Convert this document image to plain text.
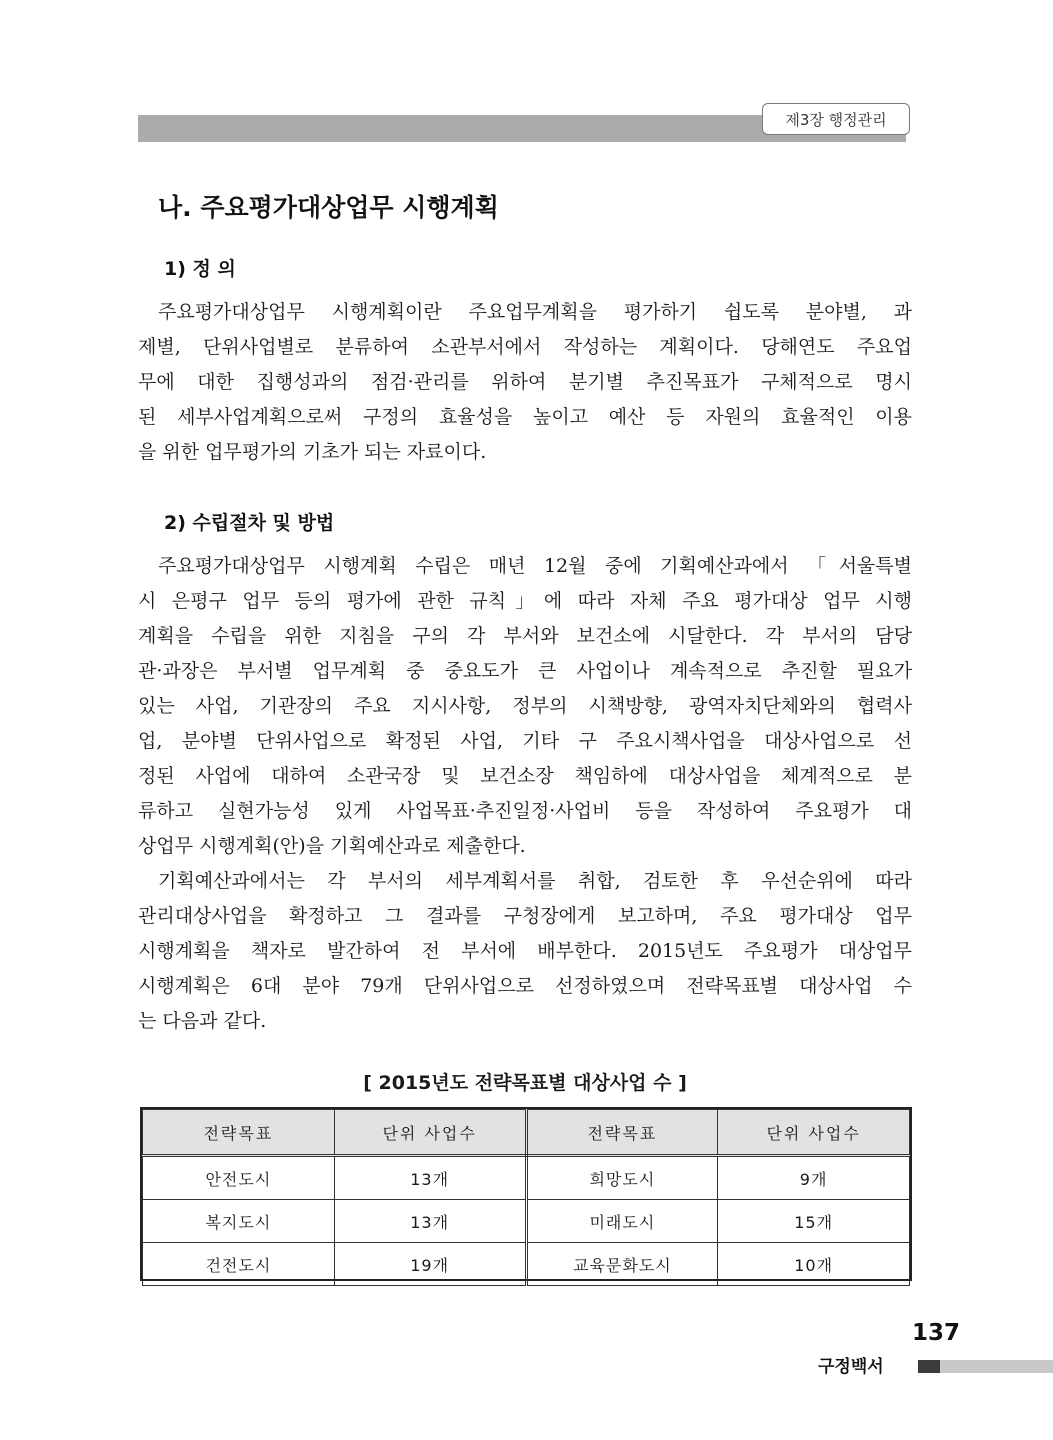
제3장 행정관리
나. 주요평가대상업무 시행계획
1) 정 의
주요평가대상업무 시행계획이란 주요업무계획을 평가하기 쉽도록 분야별, 과
제별, 단위사업별로 분류하여 소관부서에서 작성하는 계획이다. 당해연도 주요업
무에 대한 집행성과의 점검·관리를 위하여 분기별 추진목표가 구체적으로 명시
된 세부사업계획으로써 구정의 효율성을 높이고 예산 등 자원의 효율적인 이용
을 위한 업무평가의 기초가 되는 자료이다.
2) 수립절차 및 방법
주요평가대상업무 시행계획 수립은 매년 12월 중에 기획예산과에서 「서울특별
시 은평구 업무 등의 평가에 관한 규칙」에 따라 자체 주요 평가대상 업무 시행
계획을 수립을 위한 지침을 구의 각 부서와 보건소에 시달한다. 각 부서의 담당
관·과장은 부서별 업무계획 중 중요도가 큰 사업이나 계속적으로 추진할 필요가
있는 사업, 기관장의 주요 지시사항, 정부의 시책방향, 광역자치단체와의 협력사
업, 분야별 단위사업으로 확정된 사업, 기타 구 주요시책사업을 대상사업으로 선
정된 사업에 대하여 소관국장 및 보건소장 책임하에 대상사업을 체계적으로 분
류하고 실현가능성 있게 사업목표·추진일정·사업비 등을 작성하여 주요평가 대
상업무 시행계획(안)을 기획예산과로 제출한다.
기획예산과에서는 각 부서의 세부계획서를 취합, 검토한 후 우선순위에 따라
관리대상사업을 확정하고 그 결과를 구청장에게 보고하며, 주요 평가대상 업무
시행계획을 책자로 발간하여 전 부서에 배부한다. 2015년도 주요평가 대상업무
시행계획은 6대 분야 79개 단위사업으로 선정하였으며 전략목표별 대상사업 수
는 다음과 같다.
[ 2015년도 전략목표별 대상사업 수 ]
전략목표	단위 사업수	전략목표	단위 사업수
안전도시	13개	희망도시	9개
복지도시	13개	미래도시	15개
건전도시	19개	교육문화도시	10개
137
구정백서
